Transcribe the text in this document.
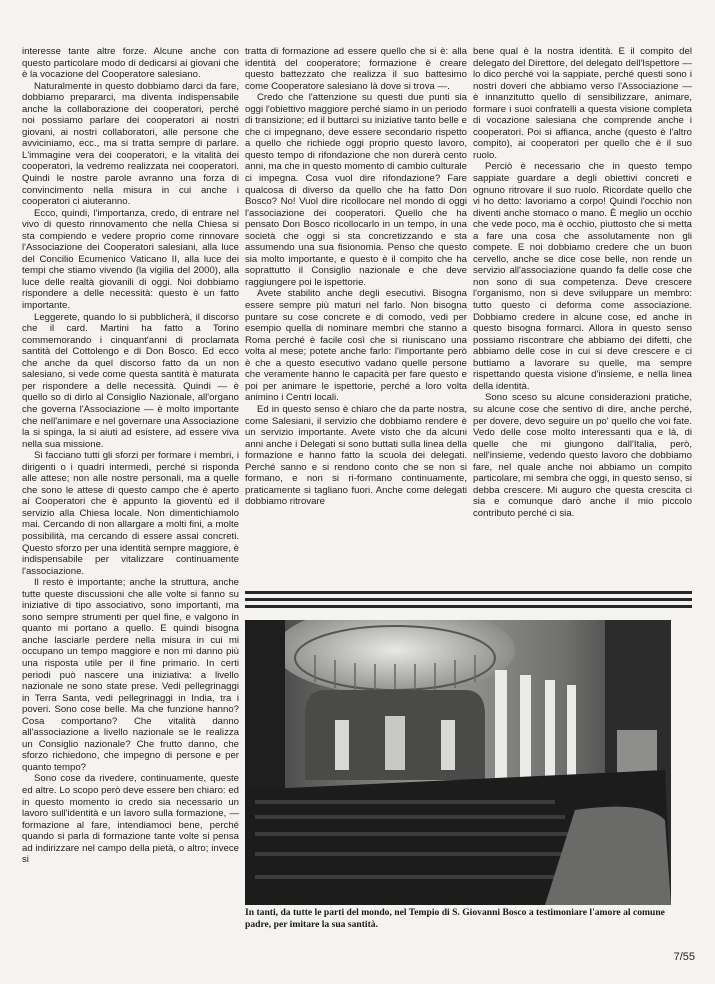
interesse tante altre forze. Alcune anche con questo particolare modo di dedicarsi ai giovani che è la vocazione del Cooperatore salesiano.

Naturalmente in questo dobbiamo darci da fare, dobbiamo prepararci, ma diventa indispensabile anche la collaborazione dei cooperatori, perché noi possiamo parlare dei cooperatori ai nostri giovani, ai nostri collaboratori, alle persone che avviciniamo, ecc., ma si tratta sempre di parlare. L'immagine vera dei cooperatori, e la vitalità dei cooperatori, la vedremo realizzata nei cooperatori. Quindi le nostre parole avranno una forza di convincimento nella misura in cui anche i cooperatori ci aiuteranno.

Ecco, quindi, l'importanza, credo, di entrare nel vivo di questo rinnovamento che nella Chiesa si sta compiendo e vedere proprio come rinnovare l'Associazione dei Cooperatori salesiani, alla luce del Concilio Ecumenico Vaticano II, alla luce dei tempi che stiamo vivendo (la vigilia del 2000), alla luce delle realtà giovanili di oggi. Noi dobbiamo rispondere a delle necessità: questo è un fatto importante.

Leggerete, quando lo si pubblicherà, il discorso che il card. Martini ha fatto a Torino commemorando i cinquant'anni di proclamata santità del Cottolengo e di Don Bosco. Ed ecco che anche da quel discorso fatto da un non salesiano, si vede come questa santità è maturata per rispondere a delle necessità. Quindi — è quello so di dirlo al Consiglio Nazionale, all'organo che governa l'Associazione — è molto importante che nell'animare e nel governare una Associazione la si spinga, la si aiuti ad esistere, ad essere viva nella sua missione.

Si facciano tutti gli sforzi per formare i membri, i dirigenti o i quadri intermedi, perché si risponda alle attese; non alle nostre personali, ma a quelle che sono le attese di questo campo che è aperto ai Cooperatori che è appunto la gioventù ed il servizio alla Chiesa locale. Non dimentichiamolo mai. Cercando di non allargare a molti fini, a molte possibilità, ma cercando di essere assai concreti. Questo sforzo per una identità sempre maggiore, è indispensabile per vitalizzare continuamente l'associazione.

Il resto è importante; anche la struttura, anche tutte queste discussioni che alle volte si fanno su iniziative di tipo associativo, sono importanti, ma sono sempre strumenti per quel fine, e valgono in quanto mi portano a quello. E quindi bisogna anche lasciarle perdere nella misura in cui mi occupano un tempo maggiore e non mi danno più una risposta utile per il fine primario. In certi periodi può nascere una iniziativa: a livello nazionale ne sono state prese. Vedi pellegrinaggi in Terra Santa, vedi pellegrinaggi in India, tra i poveri. Sono cose belle. Ma che funzione hanno? Cosa comportano? Che vitalità danno all'associazione a livello nazionale se le realizza un Consiglio nazionale? Che frutto danno, che sforzo richiedono, che impegno di persone e per quanto tempo?

Sono cose da rivedere, continuamente, queste ed altre. Lo scopo però deve essere ben chiaro: ed in questo momento io credo sia necessario un lavoro sull'identità e un lavoro sulla formazione, — formazione al fare, intendiamoci bene, perché quando si parla di formazione tante volte si pensa ad indirizzare nel campo della pietà, o altro; invece si

tratta di formazione ad essere quello che si è: alla identità del cooperatore; formazione è creare questo battezzato che realizza il suo battesimo come Cooperatore salesiano là dove si trova —.

Credo che l'attenzione su questi due punti sia oggi l'obiettivo maggiore perché siamo in un periodo di transizione; ed il buttarci su iniziative tanto belle e che ci impegnano, deve essere secondario rispetto a quello che richiede oggi proprio questo lavoro, questo tempo di rifondazione che non durerà cento anni, ma che in questo momento di cambio culturale ci impegna. Cosa vuol dire rifondazione? Fare qualcosa di diverso da quello che ha fatto Don Bosco? No! Vuol dire ricollocare nel mondo di oggi l'associazione dei cooperatori. Quello che ha pensato Don Bosco ricollocarlo in un tempo, in una società che oggi si sta concretizzando e sta assumendo una sua fisionomia. Penso che questo sia molto importante, e questo è il compito che ha soprattutto il Consiglio nazionale e che deve raggiungere poi le ispettorie.

Avete stabilito anche degli esecutivi. Bisogna essere sempre più maturi nel farlo. Non bisogna puntare su cose concrete e di comodo, vedi per esempio quella di nominare membri che stanno a Roma perché è facile così che si riuniscano una volta al mese; potete anche farlo: l'importante però è che a questo esecutivo vadano quelle persone che veramente hanno le capacità per fare questo e poi per animare le ispettorie, perché a loro volta animino i Centri locali.

Ed in questo senso è chiaro che da parte nostra, come Salesiani, il servizio che dobbiamo rendere è un servizio importante. Avete visto che da alcuni anni anche i Delegati si sono buttati sulla linea della formazione e hanno fatto la scuola dei delegati. Perché sanno e si rendono conto che se non si formano, e non si ri-formano continuamente, praticamente si tagliano fuori. Anche come delegati dobbiamo ritrovare

bene qual è la nostra identità. E il compito del delegato del Direttore, del delegato dell'Ispettore — lo dico perché voi la sappiate, perché questi sono i nostri doveri che abbiamo verso l'Associazione — è innanzitutto quello di sensibilizzare, animare, formare i suoi confratelli a questa visione completa di vocazione salesiana che comprende anche i cooperatori. Poi si affianca, anche (questo è l'altro compito), ai cooperatori per quello che è il suo ruolo.

Perciò è necessario che in questo tempo sappiate guardare a degli obiettivi concreti e ognuno ritrovare il suo ruolo. Ricordate quello che vi ho detto: lavoriamo a corpo! Quindi l'occhio non diventi anche stomaco o mano. È meglio un occhio che vede poco, ma è occhio, piuttosto che si metta a fare una cosa che assolutamente non gli compete. E noi dobbiamo credere che un buon cervello, anche se dice cose belle, non rende un servizio all'associazione quando fa delle cose che non sono di sua competenza. Deve crescere l'organismo, non si deve sviluppare un membro: tutto questo ci deforma come associazione. Dobbiamo credere in alcune cose, ed anche in questo bisogna formarci. Allora in questo senso possiamo riscontrare che abbiamo dei difetti, che abbiamo delle cose in cui si deve crescere e ci buttiamo a lavorare su quelle, ma sempre rispettando questa visione d'insieme, e nella linea della identità.

Sono sceso su alcune considerazioni pratiche, su alcune cose che sentivo di dire, anche perché, per dovere, devo seguire un po' quello che voi fate. Vedo delle cose molto interessanti qua e là, di quelle che mi giungono dall'Italia, però, nell'insieme, vedendo questo lavoro che dobbiamo fare, nel quale anche noi abbiamo un compito particolare, mi sembra che oggi, in questo senso, si debba crescere. Mi auguro che questa crescita ci sia e comunque darò anche il mio piccolo contributo perché ci sia.

In tanti, da tutte le parti del mondo, nel Tempio di S. Giovanni Bosco a testimoniare l'amore al comune padre, per imitare la sua santità.
7/55
